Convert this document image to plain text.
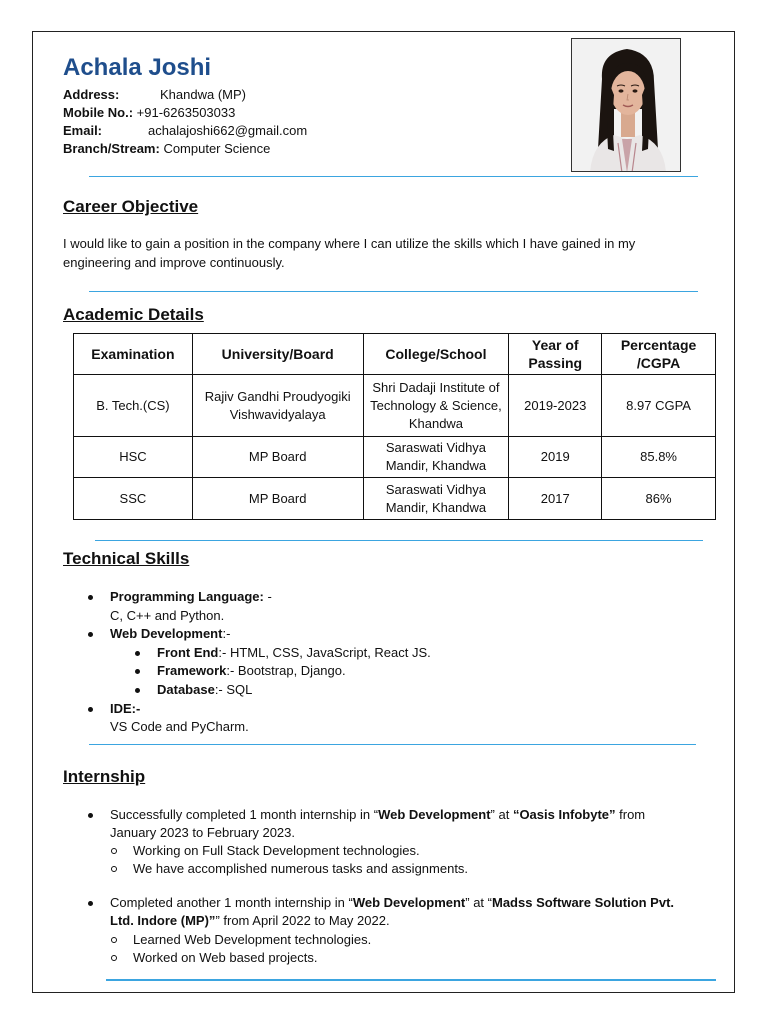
Achala Joshi
Address:	Khandwa (MP)
Mobile No.: +91-6263503033
Email:	achalajoshi662@gmail.com
Branch/Stream: Computer Science
Career Objective

I would like to gain a position in the company where I can utilize the skills which I have gained in my engineering and improve continuously.

Academic Details
Examination	University/Board	College/School	Year of Passing	Percentage /CGPA
B. Tech.(CS)	Rajiv Gandhi Proudyogiki Vishwavidyalaya	Shri Dadaji Institute of Technology & Science, Khandwa	2019-2023	8.97 CGPA
HSC	MP Board	Saraswati Vidhya Mandir, Khandwa	2019	85.8%
SSC	MP Board	Saraswati Vidhya Mandir, Khandwa	2017	86%
Technical Skills
Programming Language: -
C, C++ and Python.
Web Development:-
Front End:- HTML, CSS, JavaScript, React JS.
Framework:- Bootstrap, Django.
Database:- SQL
IDE:-
VS Code and PyCharm.
Internship
Successfully completed 1 month internship in “Web Development” at “Oasis Infobyte” from
January 2023 to February 2023.
Working on Full Stack Development technologies.
We have accomplished numerous tasks and assignments.
Completed another 1 month internship in “Web Development” at “Madss Software Solution Pvt.
Ltd. Indore (MP)”” from April 2022 to May 2022.
Learned Web Development technologies.
Worked on Web based projects.
